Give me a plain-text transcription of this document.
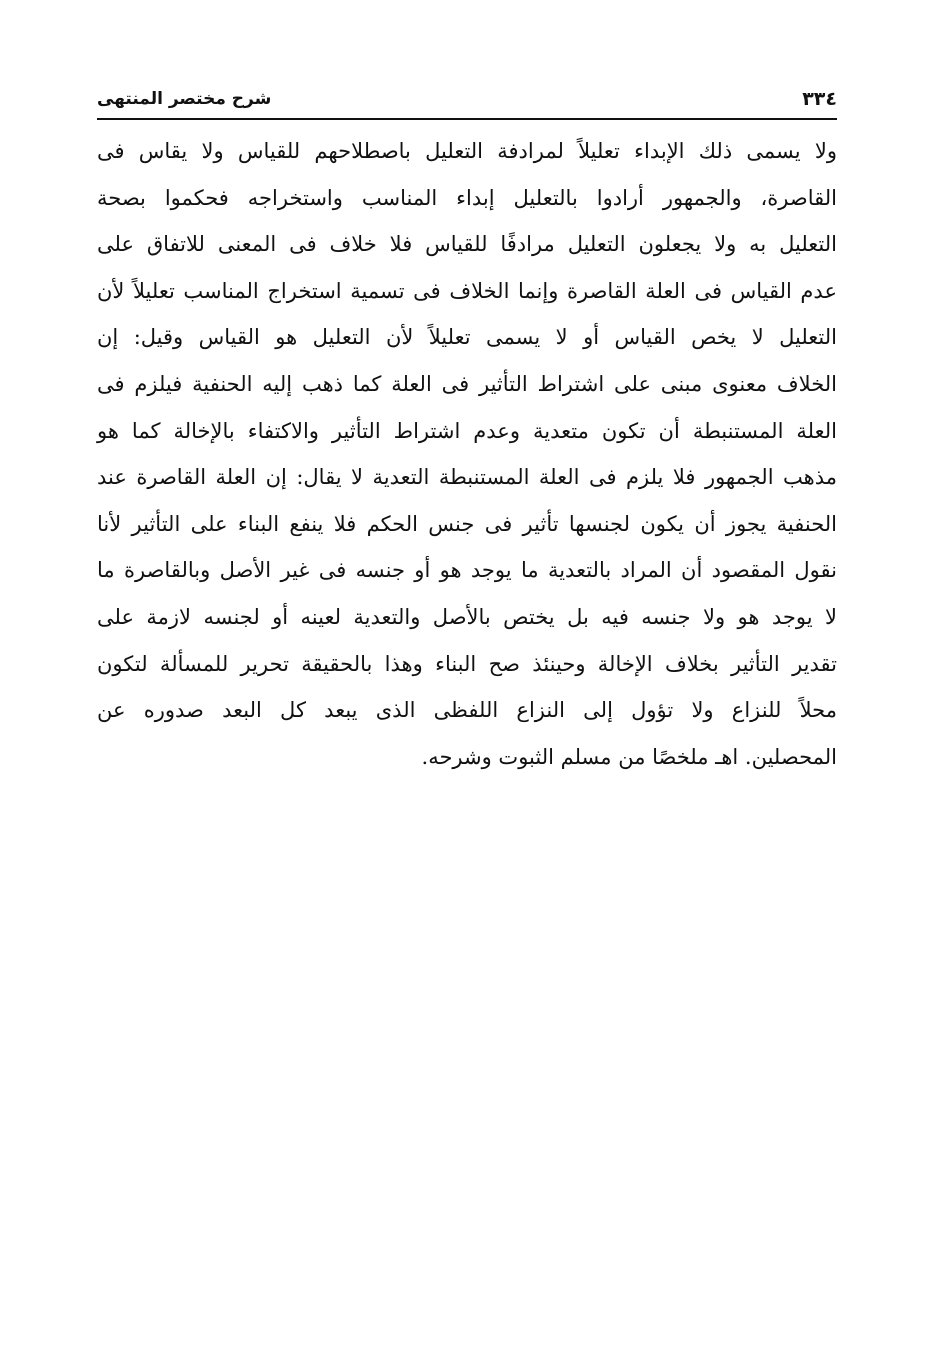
٣٣٤
شرح مختصر المنتهى
ولا يسمى ذلك الإبداء تعليلاً لمرادفة التعليل باصطلاحهم للقياس ولا يقاس فى
القاصرة، والجمهور أرادوا بالتعليل إبداء المناسب واستخراجه فحكموا بصحة
التعليل به ولا يجعلون التعليل مرادفًا للقياس فلا خلاف فى المعنى للاتفاق على
عدم القياس فى العلة القاصرة وإنما الخلاف فى تسمية استخراج المناسب تعليلاً لأن
التعليل لا يخص القياس أو لا يسمى تعليلاً لأن التعليل هو القياس وقيل: إن
الخلاف معنوى مبنى على اشتراط التأثير فى العلة كما ذهب إليه الحنفية فيلزم فى
العلة المستنبطة أن تكون متعدية وعدم اشتراط التأثير والاكتفاء بالإخالة كما هو
مذهب الجمهور فلا يلزم فى العلة المستنبطة التعدية لا يقال: إن العلة القاصرة عند
الحنفية يجوز أن يكون لجنسها تأثير فى جنس الحكم فلا ينفع البناء على التأثير لأنا
نقول المقصود أن المراد بالتعدية ما يوجد هو أو جنسه فى غير الأصل وبالقاصرة ما
لا يوجد هو ولا جنسه فيه بل يختص بالأصل والتعدية لعينه أو لجنسه لازمة على
تقدير التأثير بخلاف الإخالة وحينئذ صح البناء وهذا بالحقيقة تحرير للمسألة لتكون
محلاً للنزاع ولا تؤول إلى النزاع اللفظى الذى يبعد كل البعد صدوره عن
المحصلين. اهـ ملخصًا من مسلم الثبوت وشرحه.
